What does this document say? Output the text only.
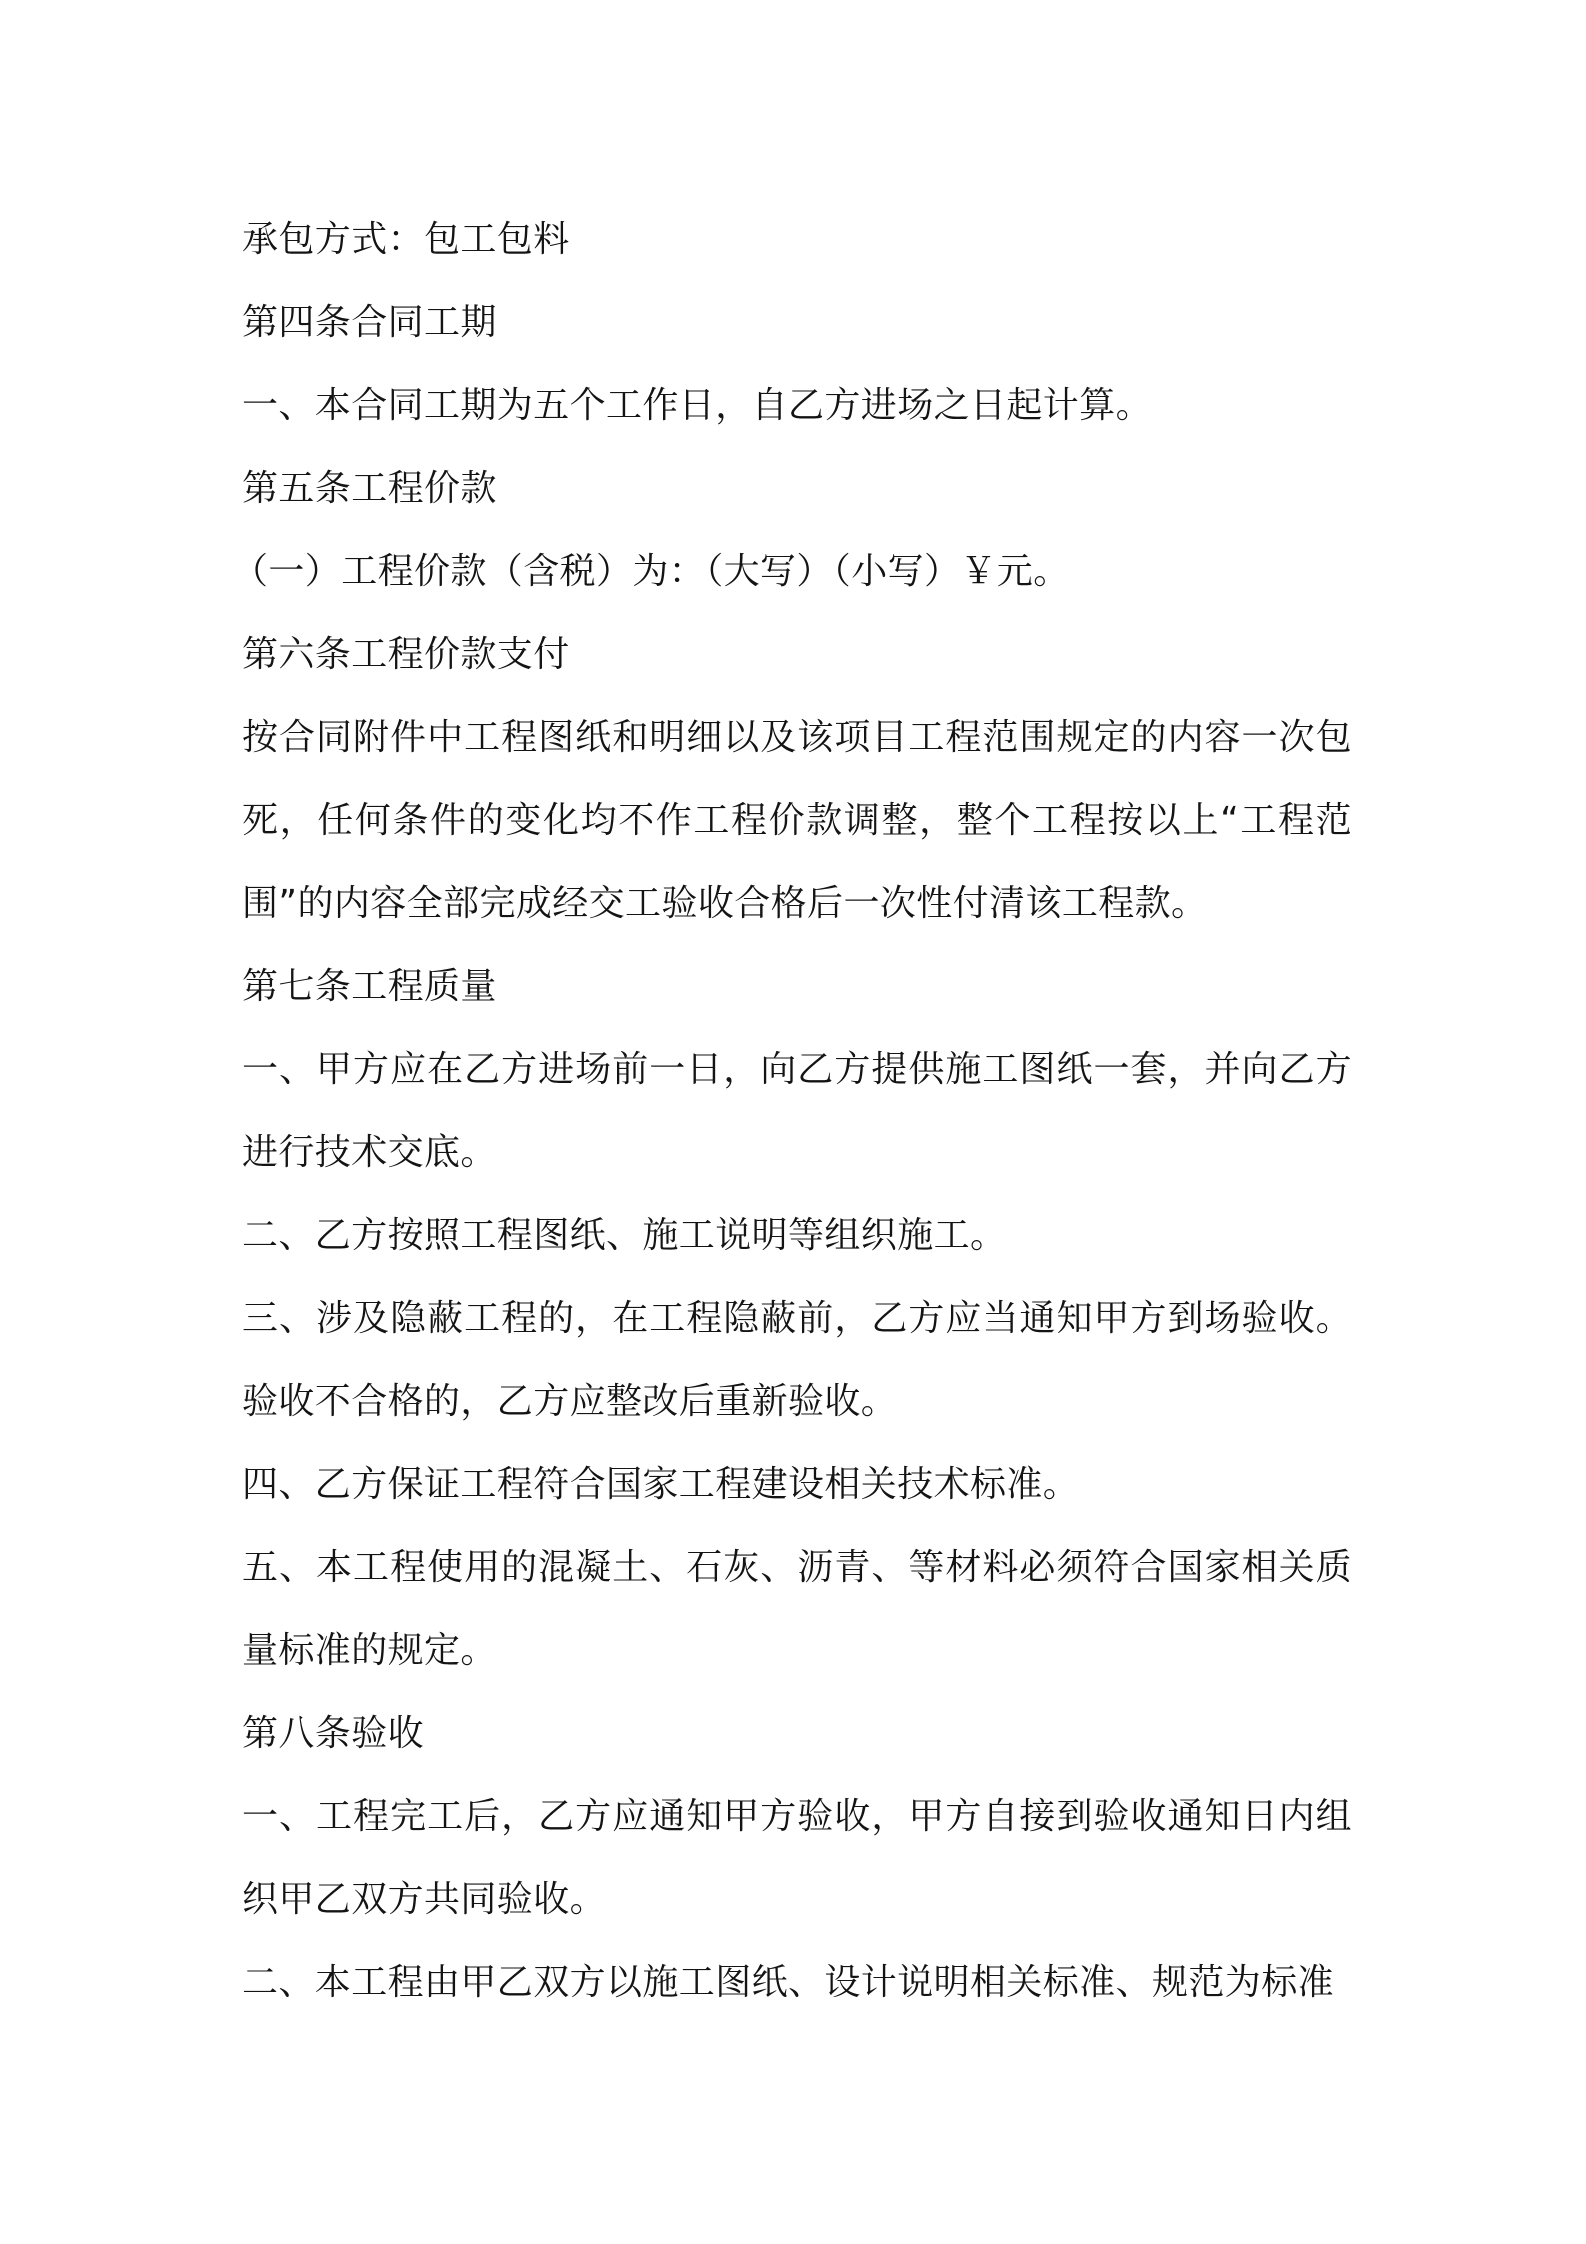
承包方式：包工包料

第四条合同工期

一、本合同工期为五个工作日，自乙方进场之日起计算。

第五条工程价款

（一）工程价款（含税）为：（大写）（小写）￥元。

第六条工程价款支付

按合同附件中工程图纸和明细以及该项目工程范围规定的内容一次包死，任何条件的变化均不作工程价款调整，整个工程按以上“工程范围”的内容全部完成经交工验收合格后一次性付清该工程款。

第七条工程质量

一、甲方应在乙方进场前一日，向乙方提供施工图纸一套，并向乙方进行技术交底。

二、乙方按照工程图纸、施工说明等组织施工。

三、涉及隐蔽工程的，在工程隐蔽前，乙方应当通知甲方到场验收。验收不合格的，乙方应整改后重新验收。

四、乙方保证工程符合国家工程建设相关技术标准。

五、本工程使用的混凝土、石灰、沥青、等材料必须符合国家相关质量标准的规定。

第八条验收

一、工程完工后，乙方应通知甲方验收，甲方自接到验收通知日内组织甲乙双方共同验收。

二、本工程由甲乙双方以施工图纸、设计说明相关标准、规范为标准
